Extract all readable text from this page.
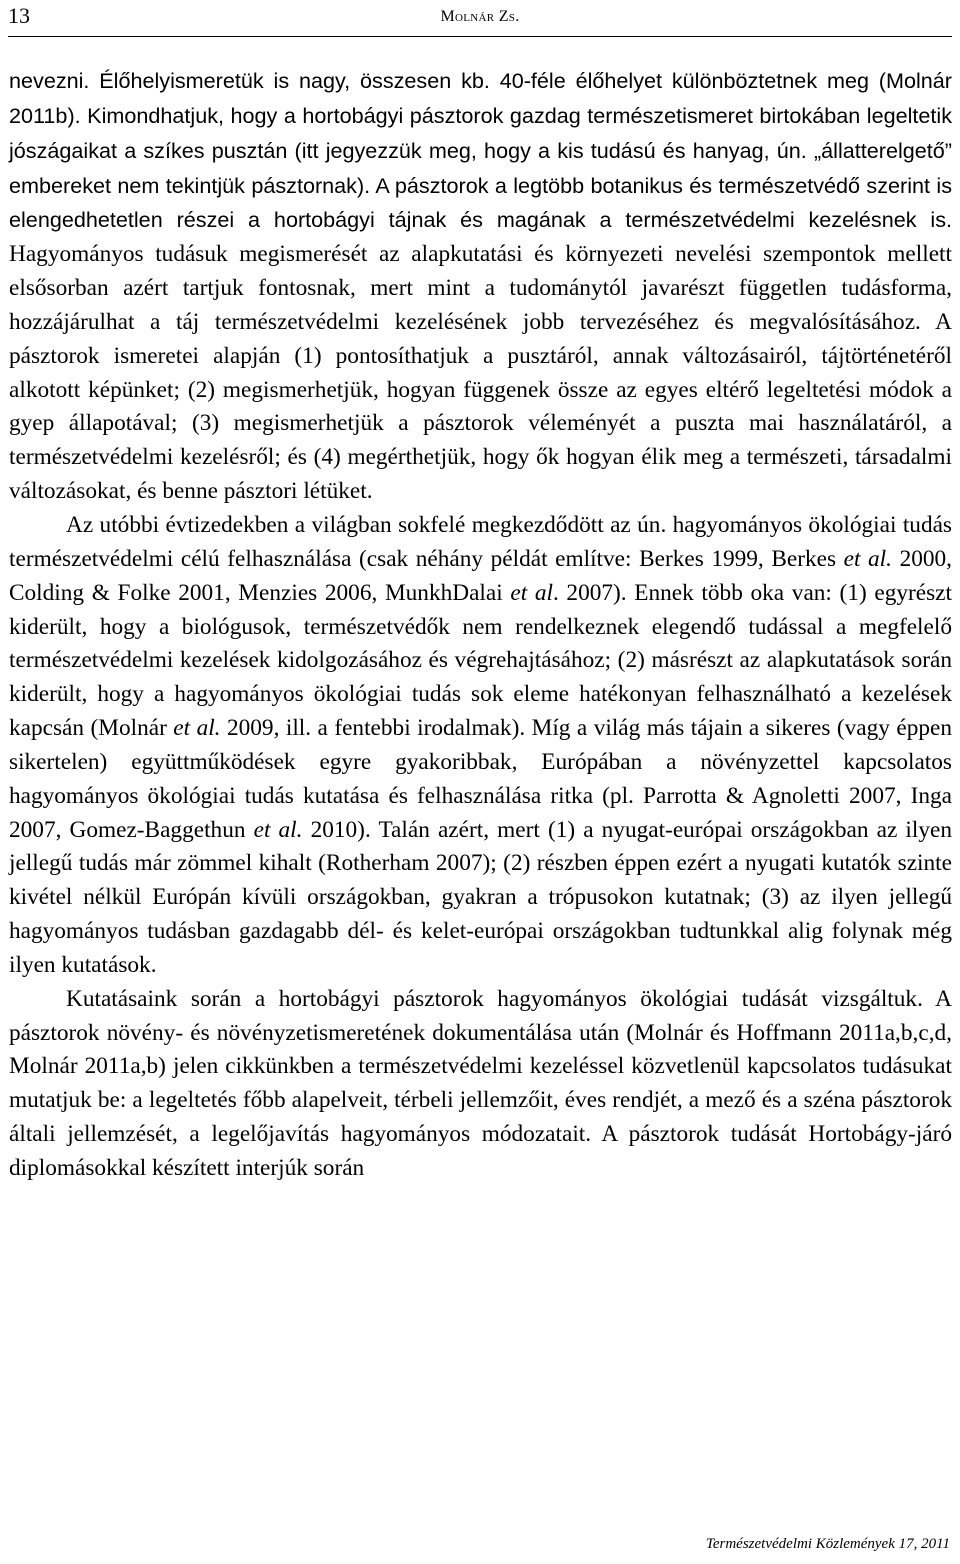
13	Molnár Zs.

nevezni. Élőhelyismeretük is nagy, összesen kb. 40-féle élőhelyet különböztetnek meg (Molnár 2011b). Kimondhatjuk, hogy a hortobágyi pásztorok gazdag természetismeret birtokában legeltetik jószágaikat a szíkes pusztán (itt jegyezzük meg, hogy a kis tudású és hanyag, ún. „állatterelgető” embereket nem tekintjük pásztornak). A pásztorok a legtöbb botanikus és természetvédő szerint is elengedhetetlen részei a hortobágyi tájnak és magának a természetvédelmi kezelésnek is. Hagyományos tudásuk megismerését az alapkutatási és környezeti nevelési szempontok mellett elsősorban azért tartjuk fontosnak, mert mint a tudománytól javarészt független tudásforma, hozzájárulhat a táj természetvédelmi kezelésének jobb tervezéséhez és megvalósításához. A pásztorok ismeretei alapján (1) pontosíthatjuk a pusztáról, annak változásairól, tájtörténetéről alkotott képünket; (2) megismerhetjük, hogyan függenek össze az egyes eltérő legeltetési módok a gyep állapotával; (3) megismerhetjük a pásztorok véleményét a puszta mai használatáról, a természetvédelmi kezelésről; és (4) megérthetjük, hogy ők hogyan élik meg a természeti, társadalmi változásokat, és benne pásztori létüket.

Az utóbbi évtizedekben a világban sokfelé megkezdődött az ún. hagyományos ökológiai tudás természetvédelmi célú felhasználása (csak néhány példát említve: Berkes 1999, Berkes et al. 2000, Colding & Folke 2001, Menzies 2006, MunkhDalai et al. 2007). Ennek több oka van: (1) egyrészt kiderült, hogy a biológusok, természetvédők nem rendelkeznek elegendő tudással a megfelelő természetvédelmi kezelések kidolgozásához és végrehajtásához; (2) másrészt az alapkutatások során kiderült, hogy a hagyományos ökológiai tudás sok eleme hatékonyan felhasználható a kezelések kapcsán (Molnár et al. 2009, ill. a fentebbi irodalmak). Míg a világ más tájain a sikeres (vagy éppen sikertelen) együttműködések egyre gyakoribbak, Európában a növényzettel kapcsolatos hagyományos ökológiai tudás kutatása és felhasználása ritka (pl. Parrotta & Agnoletti 2007, Inga 2007, Gomez-Baggethun et al. 2010). Talán azért, mert (1) a nyugat-európai országokban az ilyen jellegű tudás már zömmel kihalt (Rotherham 2007); (2) részben éppen ezért a nyugati kutatók szinte kivétel nélkül Európán kívüli országokban, gyakran a trópusokon kutatnak; (3) az ilyen jellegű hagyományos tudásban gazdagabb dél- és kelet-európai országokban tudtunkkal alig folynak még ilyen kutatások.

Kutatásaink során a hortobágyi pásztorok hagyományos ökológiai tudását vizsgáltuk. A pásztorok növény- és növényzetismeretének dokumentálása után (Molnár és Hoffmann 2011a,b,c,d, Molnár 2011a,b) jelen cikkünkben a természetvédelmi kezeléssel közvetlenül kapcsolatos tudásukat mutatjuk be: a legeltetés főbb alapelveit, térbeli jellemzőit, éves rendjét, a mező és a széna pásztorok általi jellemzését, a legelőjavítás hagyományos módozatait. A pásztorok tudását Hortobágy-járó diplomásokkal készített interjúk során

Természetvédelmi Közlemények 17, 2011
